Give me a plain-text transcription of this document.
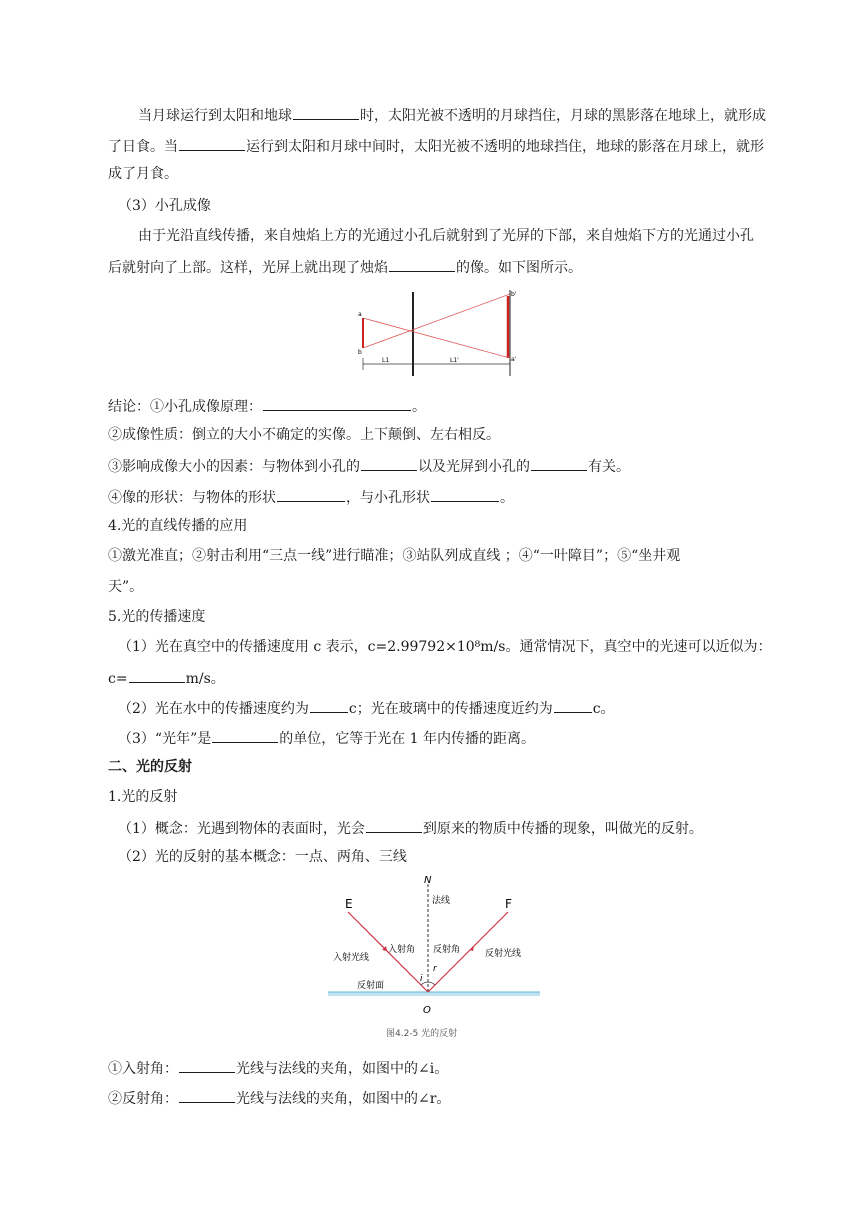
当月球运行到太阳和地球	时，太阳光被不透明的月球挡住，月球的黑影落在地球上，就形成
了日食。当	运行到太阳和月球中间时，太阳光被不透明的地球挡住，地球的影落在月球上，就形
成了月食。
（3）小孔成像
由于光沿直线传播，来自烛焰上方的光通过小孔后就射到了光屏的下部，来自烛焰下方的光通过小孔
后就射向了上部。这样，光屏上就出现了烛焰	的像。如下图所示。
a
b
b'
a'
L1	L1'
结论：①小孔成像原理：	。
②成像性质：倒立的大小不确定的实像。上下颠倒、左右相反。
③影响成像大小的因素：与物体到小孔的	以及光屏到小孔的	有关。
④像的形状：与物体的形状	，与小孔形状	。
4.光的直线传播的应用
①激光准直；②射击利用“三点一线”进行瞄准；③站队列成直线 ；④“一叶障目”；⑤“坐井观
天”。
5.光的传播速度
（1）光在真空中的传播速度用 c 表示，c=2.99792×10⁸m/s。通常情况下，真空中的光速可以近似为：
c=	m/s。
（2）光在水中的传播速度约为	c；光在玻璃中的传播速度近约为	c。
（3）“光年”是	的单位，它等于光在 1 年内传播的距离。
二、光的反射
1.光的反射
（1）概念：光遇到物体的表面时，光会	到原来的物质中传播的现象，叫做光的反射。
（2）光的反射的基本概念：一点、两角、三线
N
E	F
O
i
r
法线
入射光线
入射角 反射角	反射光线
反射面
图4.2-5 光的反射
①入射角：	光线与法线的夹角，如图中的∠i。
②反射角：	光线与法线的夹角，如图中的∠r。
